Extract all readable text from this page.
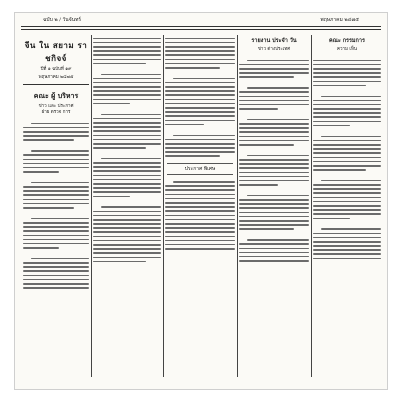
ฉบับ ๒ / วันจันทร์	พฤษภาคม ๒๔๗๕
จีน ใน สยาม ราชกิจจ์
ปีที่ ๑ ฉบับที่ ๑๙
พฤษภาคม ๒๔๗๕
คณะ ผู้ บริหาร
ข่าว และ ประกาศ
ฝ่าย ตรวจ การ
ประกาศ พิเศษ
รายงาน ประจำ วัน
ข่าว ต่างประเทศ
คณะ กรรมการ
ความ เห็น
